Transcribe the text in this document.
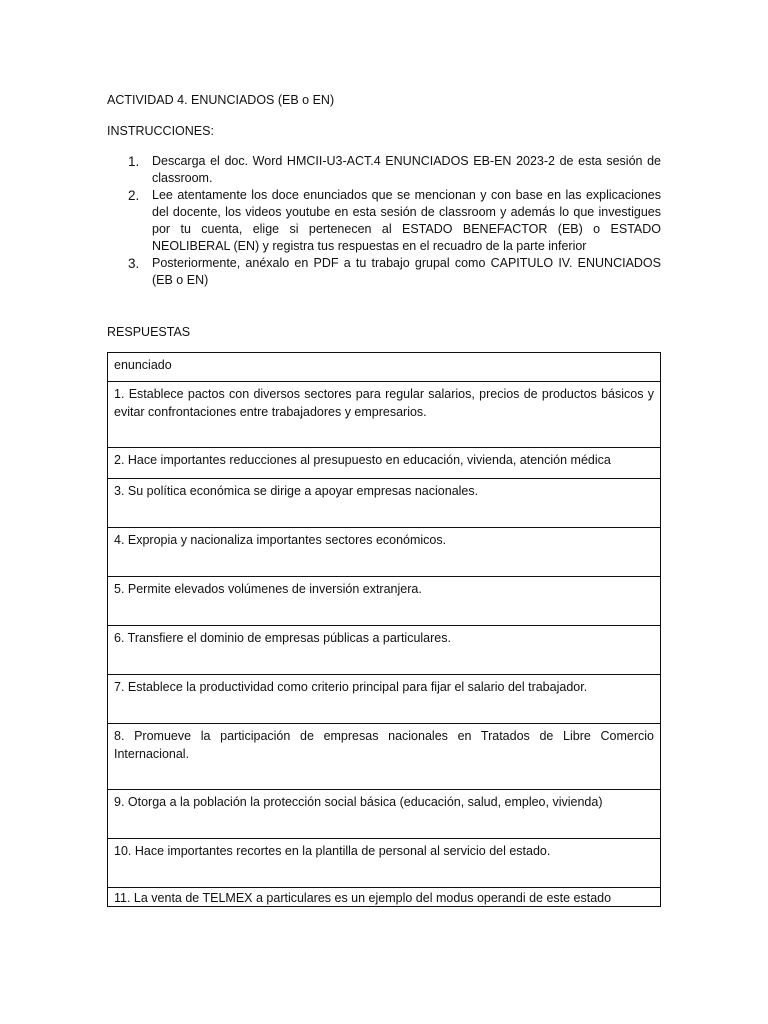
ACTIVIDAD 4. ENUNCIADOS (EB o EN)
INSTRUCCIONES:
1. Descarga el doc. Word HMCII-U3-ACT.4 ENUNCIADOS EB-EN 2023-2 de esta sesión de classroom.
2. Lee atentamente los doce enunciados que se mencionan y con base en las explicaciones del docente, los videos youtube en esta sesión de classroom y además lo que investigues por tu cuenta, elige si pertenecen al ESTADO BENEFACTOR (EB) o ESTADO NEOLIBERAL (EN) y registra tus respuestas en el recuadro de la parte inferior
3. Posteriormente, anéxalo en PDF a tu trabajo grupal como CAPITULO IV. ENUNCIADOS (EB o EN)
RESPUESTAS
enunciado
1. Establece pactos con diversos sectores para regular salarios, precios de productos básicos y evitar confrontaciones entre trabajadores y empresarios.
2. Hace importantes reducciones al presupuesto en educación, vivienda, atención médica
3. Su política económica se dirige a apoyar empresas nacionales.
4. Expropia y nacionaliza importantes sectores económicos.
5. Permite elevados volúmenes de inversión extranjera.
6. Transfiere el dominio de empresas públicas a particulares.
7. Establece la productividad como criterio principal para fijar el salario del trabajador.
8. Promueve la participación de empresas nacionales en Tratados de Libre Comercio Internacional.
9. Otorga a la población la protección social básica (educación, salud, empleo, vivienda)
10. Hace importantes recortes en la plantilla de personal al servicio del estado.
11. La venta de TELMEX a particulares es un ejemplo del modus operandi de este estado
